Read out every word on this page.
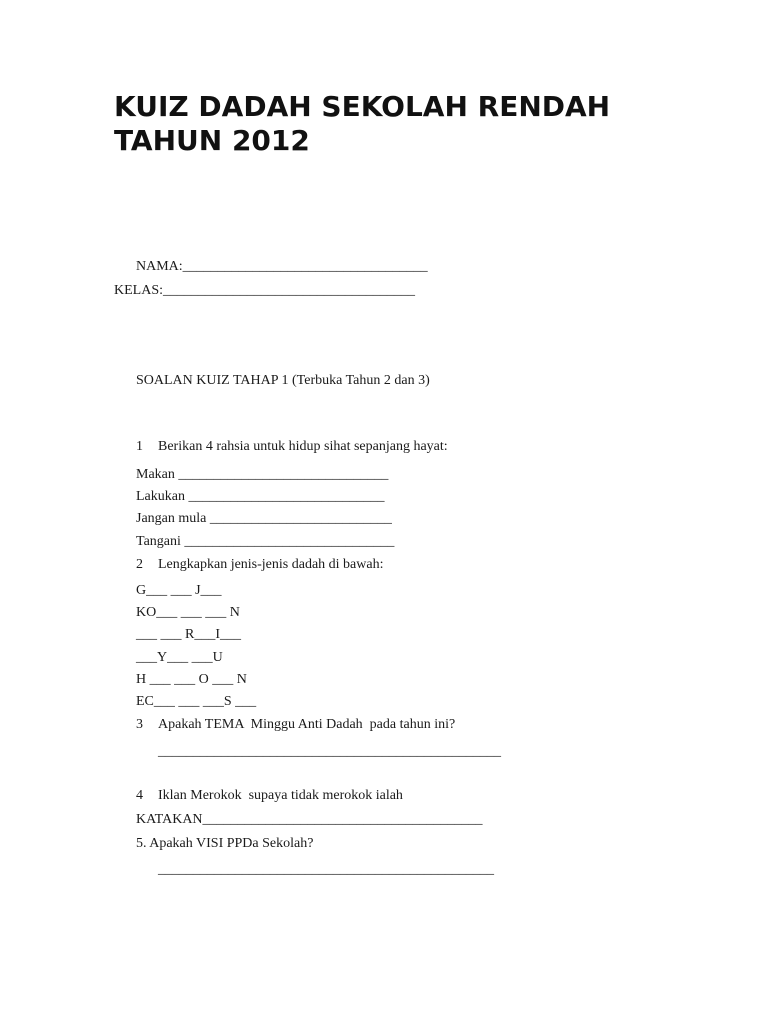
KUIZ DADAH SEKOLAH RENDAH
TAHUN 2012
NAMA:___________________________________
KELAS:____________________________________
SOALAN KUIZ TAHAP 1 (Terbuka Tahun 2 dan 3)
1 Berikan 4 rahsia untuk hidup sihat sepanjang hayat:
Makan ______________________________
Lakukan ____________________________
Jangan mula __________________________
Tangani ______________________________
2 Lengkapkan jenis-jenis dadah di bawah:
G___ ___ J___
KO___ ___ ___ N
___ ___ R___I___
___Y___ ___U
H ___ ___ O ___ N
EC___ ___ ___S ___
3 Apakah TEMA  Minggu Anti Dadah  pada tahun ini?
_________________________________________________
4 Iklan Merokok  supaya tidak merokok ialah
KATAKAN________________________________________
5. Apakah VISI PPDa Sekolah?
________________________________________________
